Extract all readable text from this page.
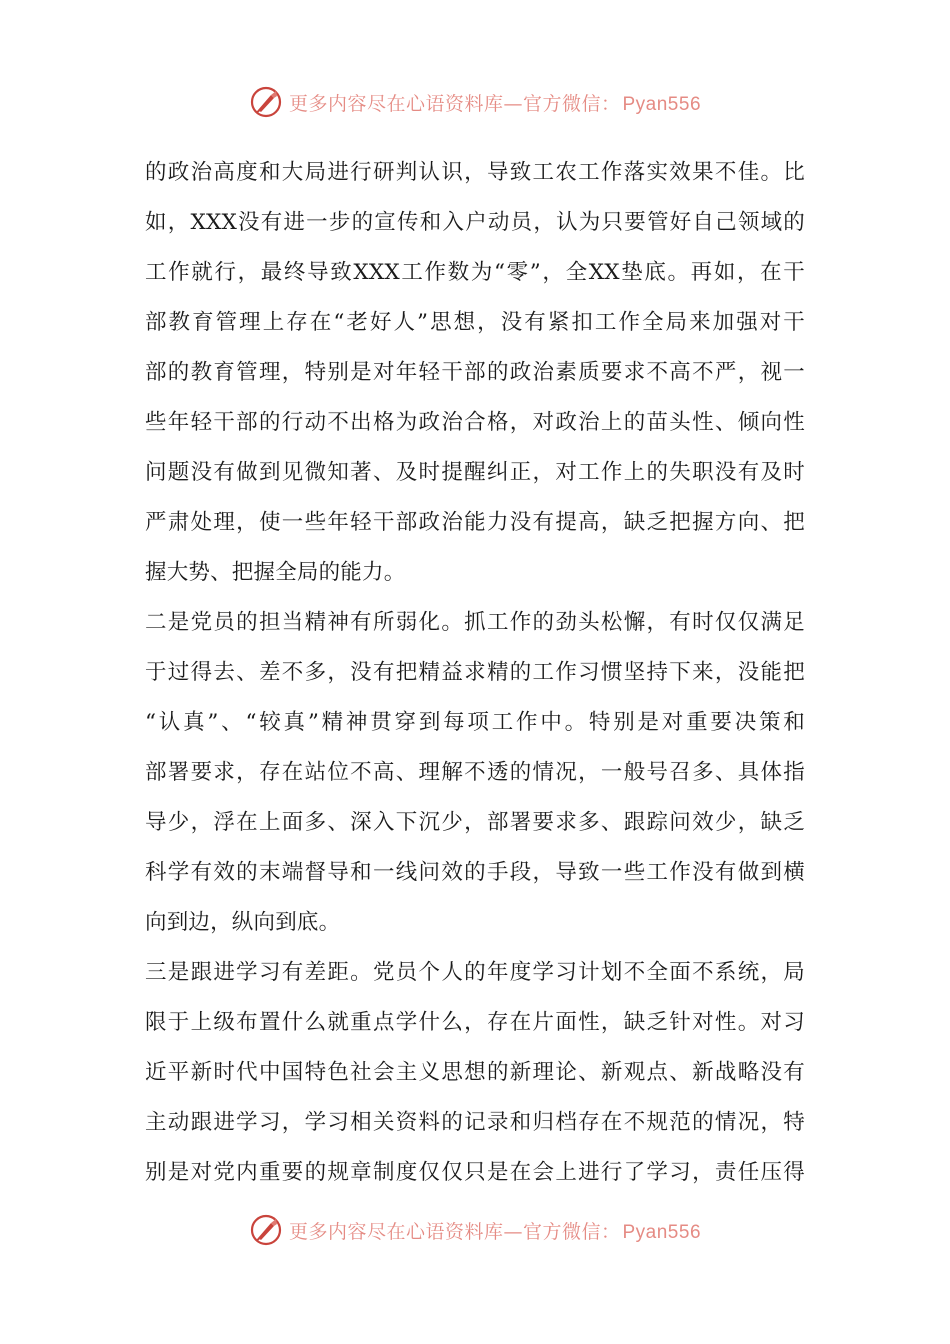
更多内容尽在心语资料库—官方微信： Pyan556
的政治高度和大局进行研判认识，导致工农工作落实效果不佳。比
如，XXX没有进一步的宣传和入户动员，认为只要管好自己领域的
工作就行，最终导致XXX工作数为“零”，全XX垫底。再如，在干
部教育管理上存在“老好人”思想，没有紧扣工作全局来加强对干
部的教育管理，特别是对年轻干部的政治素质要求不高不严，视一
些年轻干部的行动不出格为政治合格，对政治上的苗头性、倾向性
问题没有做到见微知著、及时提醒纠正，对工作上的失职没有及时
严肃处理，使一些年轻干部政治能力没有提高，缺乏把握方向、把
握大势、把握全局的能力。
二是党员的担当精神有所弱化。抓工作的劲头松懈，有时仅仅满足
于过得去、差不多，没有把精益求精的工作习惯坚持下来，没能把
“认真”、“较真”精神贯穿到每项工作中。特别是对重要决策和
部署要求，存在站位不高、理解不透的情况，一般号召多、具体指
导少，浮在上面多、深入下沉少，部署要求多、跟踪问效少，缺乏
科学有效的末端督导和一线问效的手段，导致一些工作没有做到横
向到边，纵向到底。
三是跟进学习有差距。党员个人的年度学习计划不全面不系统，局
限于上级布置什么就重点学什么，存在片面性，缺乏针对性。对习
近平新时代中国特色社会主义思想的新理论、新观点、新战略没有
主动跟进学习，学习相关资料的记录和归档存在不规范的情况，特
别是对党内重要的规章制度仅仅只是在会上进行了学习，责任压得
更多内容尽在心语资料库—官方微信： Pyan556
